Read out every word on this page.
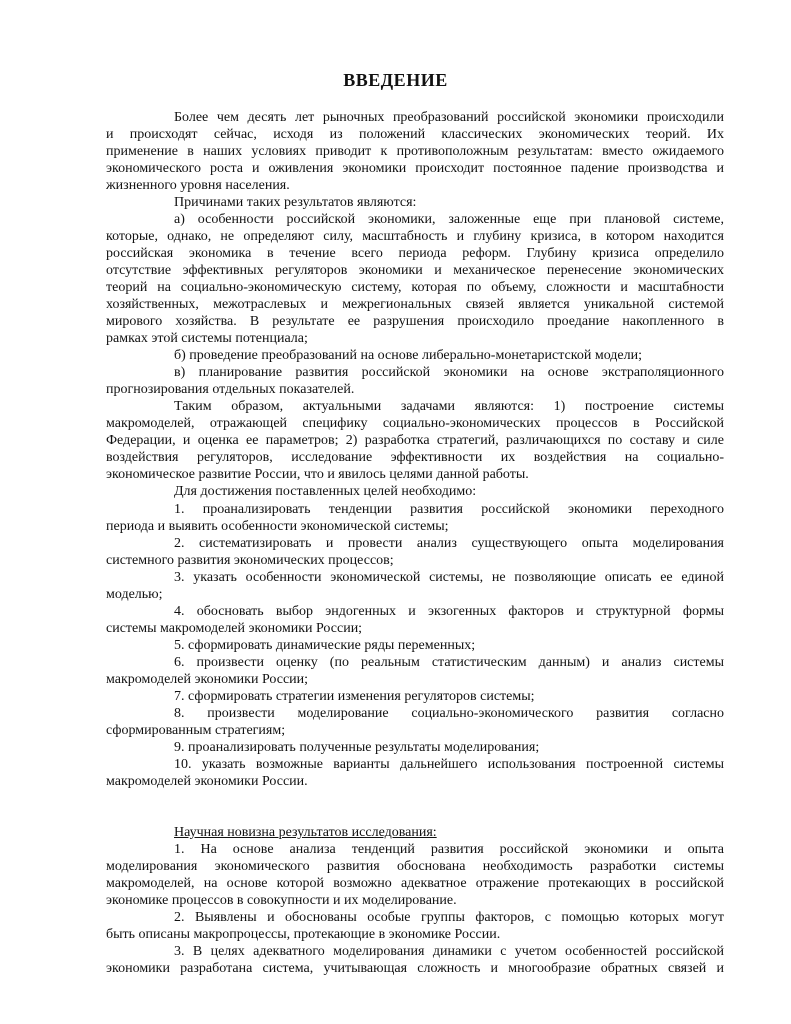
ВВЕДЕНИЕ
Более чем десять лет рыночных преобразований российской экономики происходили
и происходят сейчас, исходя из положений классических экономических теорий. Их
применение в наших условиях приводит к противоположным результатам: вместо ожидаемого
экономического роста и оживления экономики происходит постоянное падение производства и
жизненного уровня населения.
Причинами таких результатов являются:
а) особенности российской экономики, заложенные еще при плановой системе,
которые, однако, не определяют силу, масштабность и глубину кризиса, в котором находится
российская экономика в течение всего периода реформ. Глубину кризиса определило
отсутствие эффективных регуляторов экономики и механическое перенесение экономических
теорий на социально-экономическую систему, которая по объему, сложности и масштабности
хозяйственных, межотраслевых и межрегиональных связей является уникальной системой
мирового хозяйства. В результате ее разрушения происходило проедание накопленного в
рамках этой системы потенциала;
б) проведение преобразований на основе либерально-монетаристской модели;
в) планирование развития российской экономики на основе экстраполяционного
прогнозирования отдельных показателей.
Таким образом, актуальными задачами являются: 1) построение системы
макромоделей, отражающей специфику социально-экономических процессов в Российской
Федерации, и оценка ее параметров; 2) разработка стратегий, различающихся по составу и силе
воздействия регуляторов, исследование эффективности их воздействия на социально-
экономическое развитие России, что и явилось целями данной работы.
Для достижения поставленных целей необходимо:
1. проанализировать тенденции развития российской экономики переходного
периода и выявить особенности экономической системы;
2. систематизировать и провести анализ существующего опыта моделирования
системного развития экономических процессов;
3. указать особенности экономической системы, не позволяющие описать ее единой
моделью;
4. обосновать выбор эндогенных и экзогенных факторов и структурной формы
системы макромоделей экономики России;
5. сформировать динамические ряды переменных;
6. произвести оценку (по реальным статистическим данным) и анализ системы
макромоделей экономики России;
7. сформировать стратегии изменения регуляторов системы;
8. произвести моделирование социально-экономического развития согласно
сформированным стратегиям;
9. проанализировать полученные результаты моделирования;
10. указать возможные варианты дальнейшего использования построенной системы
макромоделей экономики России.
Научная новизна результатов исследования:
1. На основе анализа тенденций развития российской экономики и опыта
моделирования экономического развития обоснована необходимость разработки системы
макромоделей, на основе которой возможно адекватное отражение протекающих в российской
экономике процессов в совокупности и их моделирование.
2. Выявлены и обоснованы особые группы факторов, с помощью которых могут
быть описаны макропроцессы, протекающие в экономике России.
3. В целях адекватного моделирования динамики с учетом особенностей российской
экономики разработана система, учитывающая сложность и многообразие обратных связей и
